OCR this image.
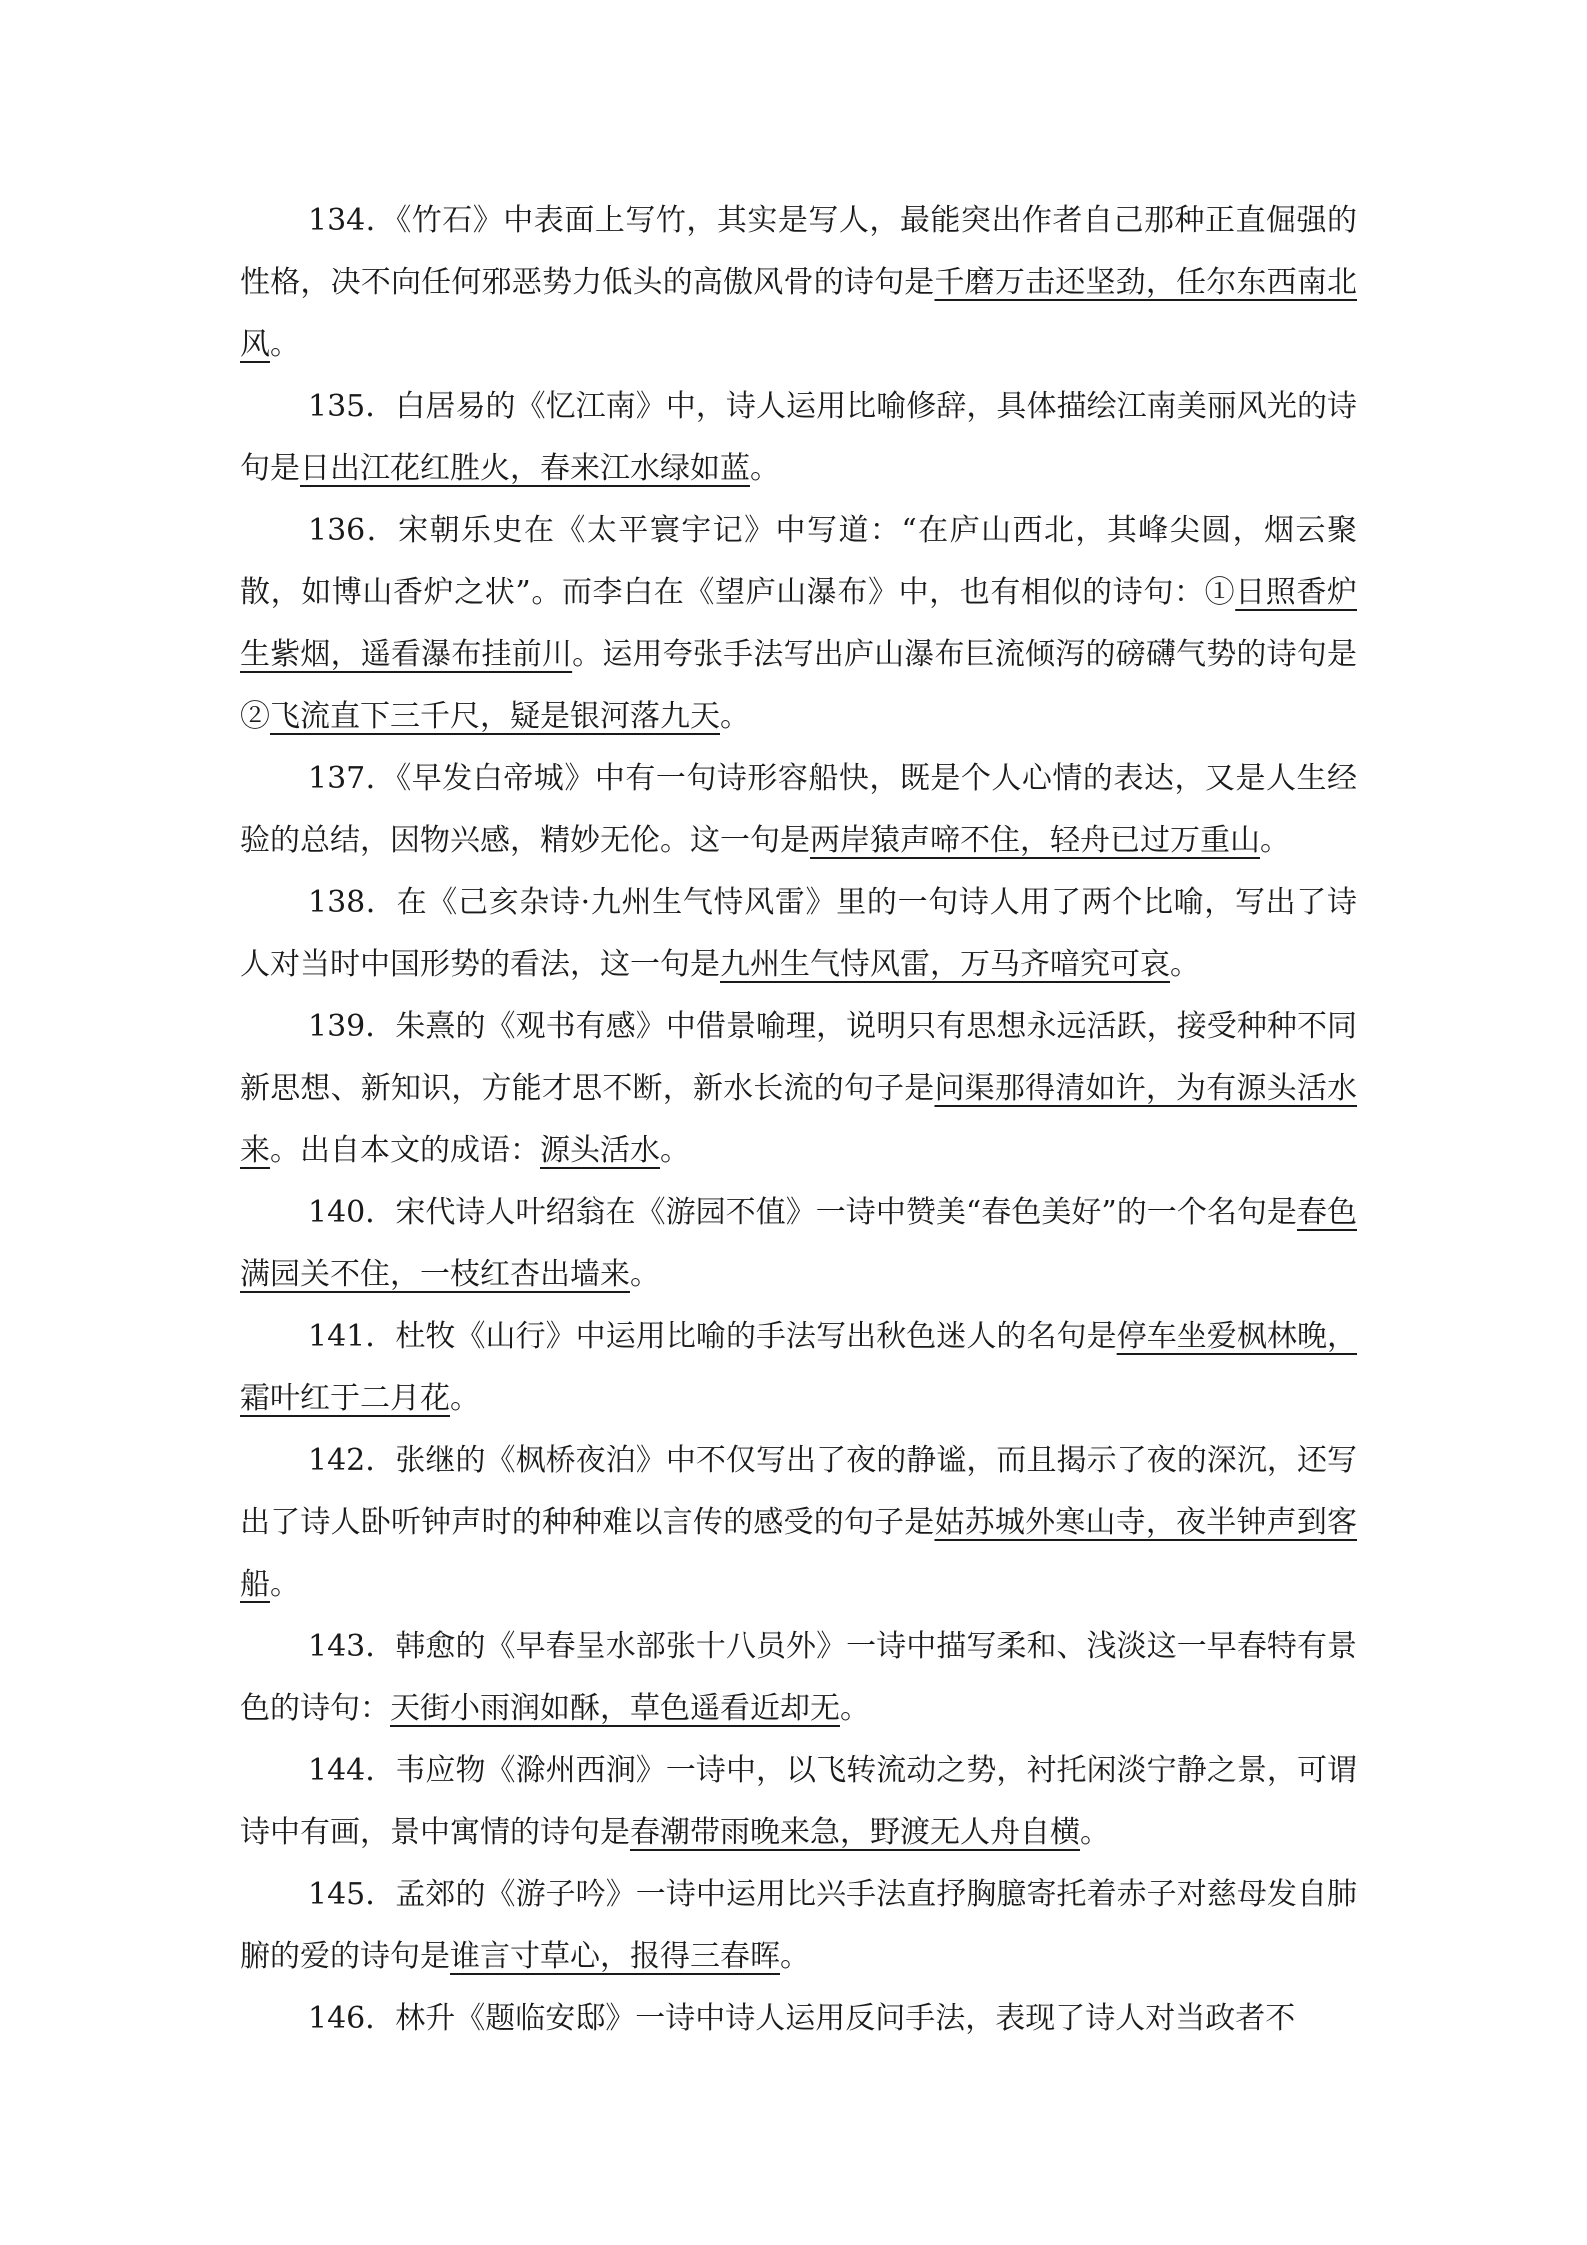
134．《竹石》中表面上写竹，其实是写人，最能突出作者自己那种正直倔强的性格，决不向任何邪恶势力低头的高傲风骨的诗句是千磨万击还坚劲，任尔东西南北风。

135．白居易的《忆江南》中，诗人运用比喻修辞，具体描绘江南美丽风光的诗句是日出江花红胜火，春来江水绿如蓝。

136．宋朝乐史在《太平寰宇记》中写道：“在庐山西北，其峰尖圆，烟云聚散，如博山香炉之状”。而李白在《望庐山瀑布》中，也有相似的诗句：①日照香炉生紫烟，遥看瀑布挂前川。运用夸张手法写出庐山瀑布巨流倾泻的磅礴气势的诗句是②飞流直下三千尺，疑是银河落九天。

137．《早发白帝城》中有一句诗形容船快，既是个人心情的表达，又是人生经验的总结，因物兴感，精妙无伦。这一句是两岸猿声啼不住，轻舟已过万重山。

138．在《己亥杂诗·九州生气恃风雷》里的一句诗人用了两个比喻，写出了诗人对当时中国形势的看法，这一句是九州生气恃风雷，万马齐喑究可哀。

139．朱熹的《观书有感》中借景喻理，说明只有思想永远活跃，接受种种不同新思想、新知识，方能才思不断，新水长流的句子是问渠那得清如许，为有源头活水来。出自本文的成语：源头活水。

140．宋代诗人叶绍翁在《游园不值》一诗中赞美“春色美好”的一个名句是春色满园关不住，一枝红杏出墙来。

141．杜牧《山行》中运用比喻的手法写出秋色迷人的名句是停车坐爱枫林晚，霜叶红于二月花。

142．张继的《枫桥夜泊》中不仅写出了夜的静谧，而且揭示了夜的深沉，还写出了诗人卧听钟声时的种种难以言传的感受的句子是姑苏城外寒山寺，夜半钟声到客船。

143．韩愈的《早春呈水部张十八员外》一诗中描写柔和、浅淡这一早春特有景色的诗句：天街小雨润如酥，草色遥看近却无。

144．韦应物《滁州西涧》一诗中，以飞转流动之势，衬托闲淡宁静之景，可谓诗中有画，景中寓情的诗句是春潮带雨晚来急，野渡无人舟自横。

145．孟郊的《游子吟》一诗中运用比兴手法直抒胸臆寄托着赤子对慈母发自肺腑的爱的诗句是谁言寸草心，报得三春晖。

146．林升《题临安邸》一诗中诗人运用反问手法，表现了诗人对当政者不
